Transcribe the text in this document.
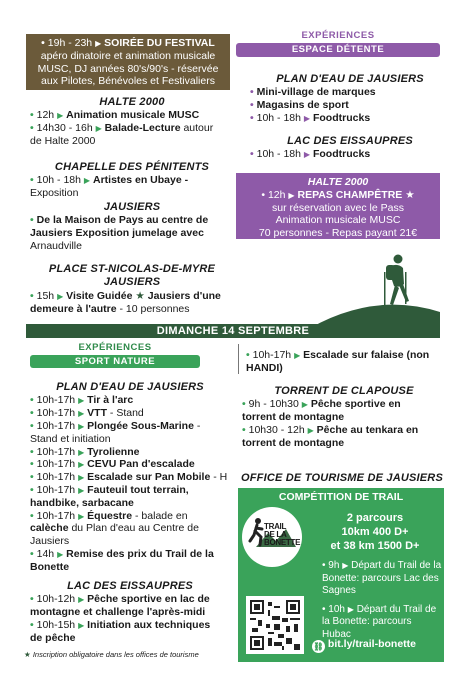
• 19h - 23h ▶ SOIRÉE DU FESTIVAL
apéro dinatoire et animation musicale
MUSC, DJ années 80's/90's - réservée
aux Pilotes, Bénévoles et Festivaliers
HALTE 2000
• 12h ▶ Animation musicale MUSC
• 14h30 - 16h ▶ Balade-Lecture autour
de Halte 2000
CHAPELLE DES PÉNITENTS
• 10h - 18h ▶ Artistes en Ubaye -
Exposition
JAUSIERS
• De la Maison de Pays au centre de
Jausiers Exposition jumelage avec
Arnaudville
PLACE ST-NICOLAS-DE-MYRE
JAUSIERS
• 15h ▶ Visite Guidée ★ Jausiers d'une
demeure à l'autre - 10 personnes
EXPÉRIENCES
ESPACE DÉTENTE
PLAN D'EAU DE JAUSIERS
• Mini-village de marques
• Magasins de sport
• 10h - 18h ▶ Foodtrucks
LAC DES EISSAUPRES
• 10h - 18h ▶ Foodtrucks
HALTE 2000
• 12h ▶ REPAS CHAMPÊTRE ★
sur réservation avec le Pass
Animation musicale MUSC
70 personnes - Repas payant 21€
DIMANCHE 14 SEPTEMBRE
EXPÉRIENCES
SPORT NATURE
PLAN D'EAU DE JAUSIERS
• 10h-17h ▶ Tir à l'arc
• 10h-17h ▶ VTT - Stand
• 10h-17h ▶ Plongée Sous-Marine -
Stand et initiation
• 10h-17h ▶ Tyrolienne
• 10h-17h ▶ CEVU Pan d'escalade
• 10h-17h ▶ Escalade sur Pan Mobile - H
• 10h-17h ▶ Fauteuil tout terrain,
handbike, sarbacane
• 10h-17h ▶ Équestre - balade en
calèche du Plan d'eau au Centre de
Jausiers
• 14h ▶ Remise des prix du Trail de la
Bonette
LAC DES EISSAUPRES
• 10h-12h ▶ Pêche sportive en lac de
montagne et challenge l'après-midi
• 10h-15h ▶ Initiation aux techniques
de pêche
★ Inscription obligatoire dans les offices de tourisme
• 10h-17h ▶ Escalade sur falaise (non
HANDI)
TORRENT DE CLAPOUSE
• 9h - 10h30 ▶ Pêche sportive en
torrent de montagne
• 10h30 - 12h ▶ Pêche au tenkara en
torrent de montagne
OFFICE DE TOURISME DE JAUSIERS
COMPÉTITION DE TRAIL
TRAIL DE LA BONETTE
2 parcours
10km 400 D+
et 38 km 1500 D+
• 9h ▶ Départ du Trail de la
Bonette: parcours Lac des
Sagnes
• 10h ▶ Départ du Trail de
la Bonette: parcours Hubac
⛓ bit.ly/trail-bonette
